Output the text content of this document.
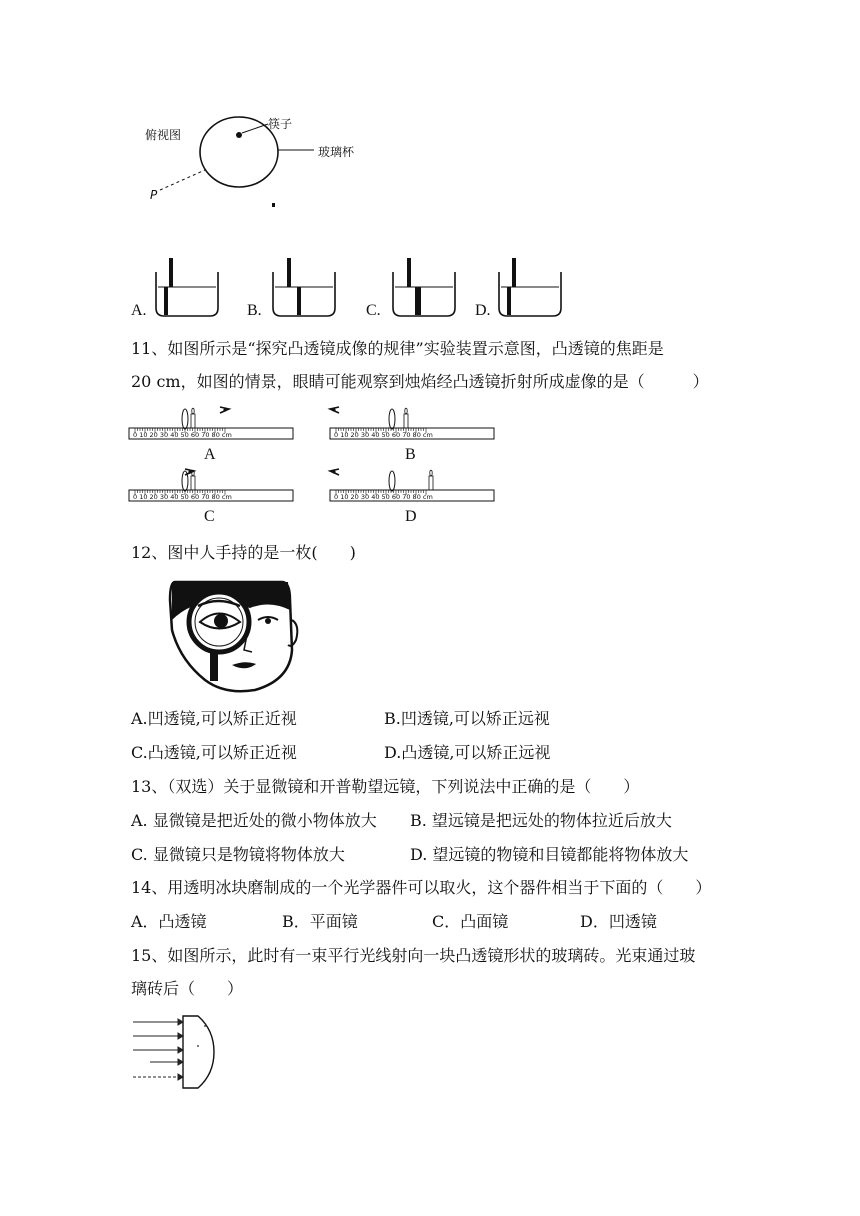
俯视图
筷子
玻璃杯
P
A.	B.	C.	D.
11、如图所示是“探究凸透镜成像的规律”实验装置示意图，凸透镜的焦距是
20 cm，如图的情景，眼睛可能观察到烛焰经凸透镜折射所成虚像的是（　　　）
0 10 20 30 40 50 60 70 80 cm	0 10 20 30 40 50 60 70 80 cm
0 10 20 30 40 50 60 70 80 cm	0 10 20 30 40 50 60 70 80 cm
A	B
C	D
12、图中人手持的是一枚(　　)
A.凹透镜,可以矫正近视	B.凹透镜,可以矫正远视
C.凸透镜,可以矫正近视	D.凸透镜,可以矫正远视
13、（双选）关于显微镜和开普勒望远镜，下列说法中正确的是（　　）
A. 显微镜是把近处的微小物体放大 B. 望远镜是把远处的物体拉近后放大
C. 显微镜只是物镜将物体放大	D. 望远镜的物镜和目镜都能将物体放大
14、用透明冰块磨制成的一个光学器件可以取火，这个器件相当于下面的（　　）
A．凸透镜	B．平面镜	C．凸面镜	D．凹透镜
15、如图所示，此时有一束平行光线射向一块凸透镜形状的玻璃砖。光束通过玻
璃砖后（　　）
